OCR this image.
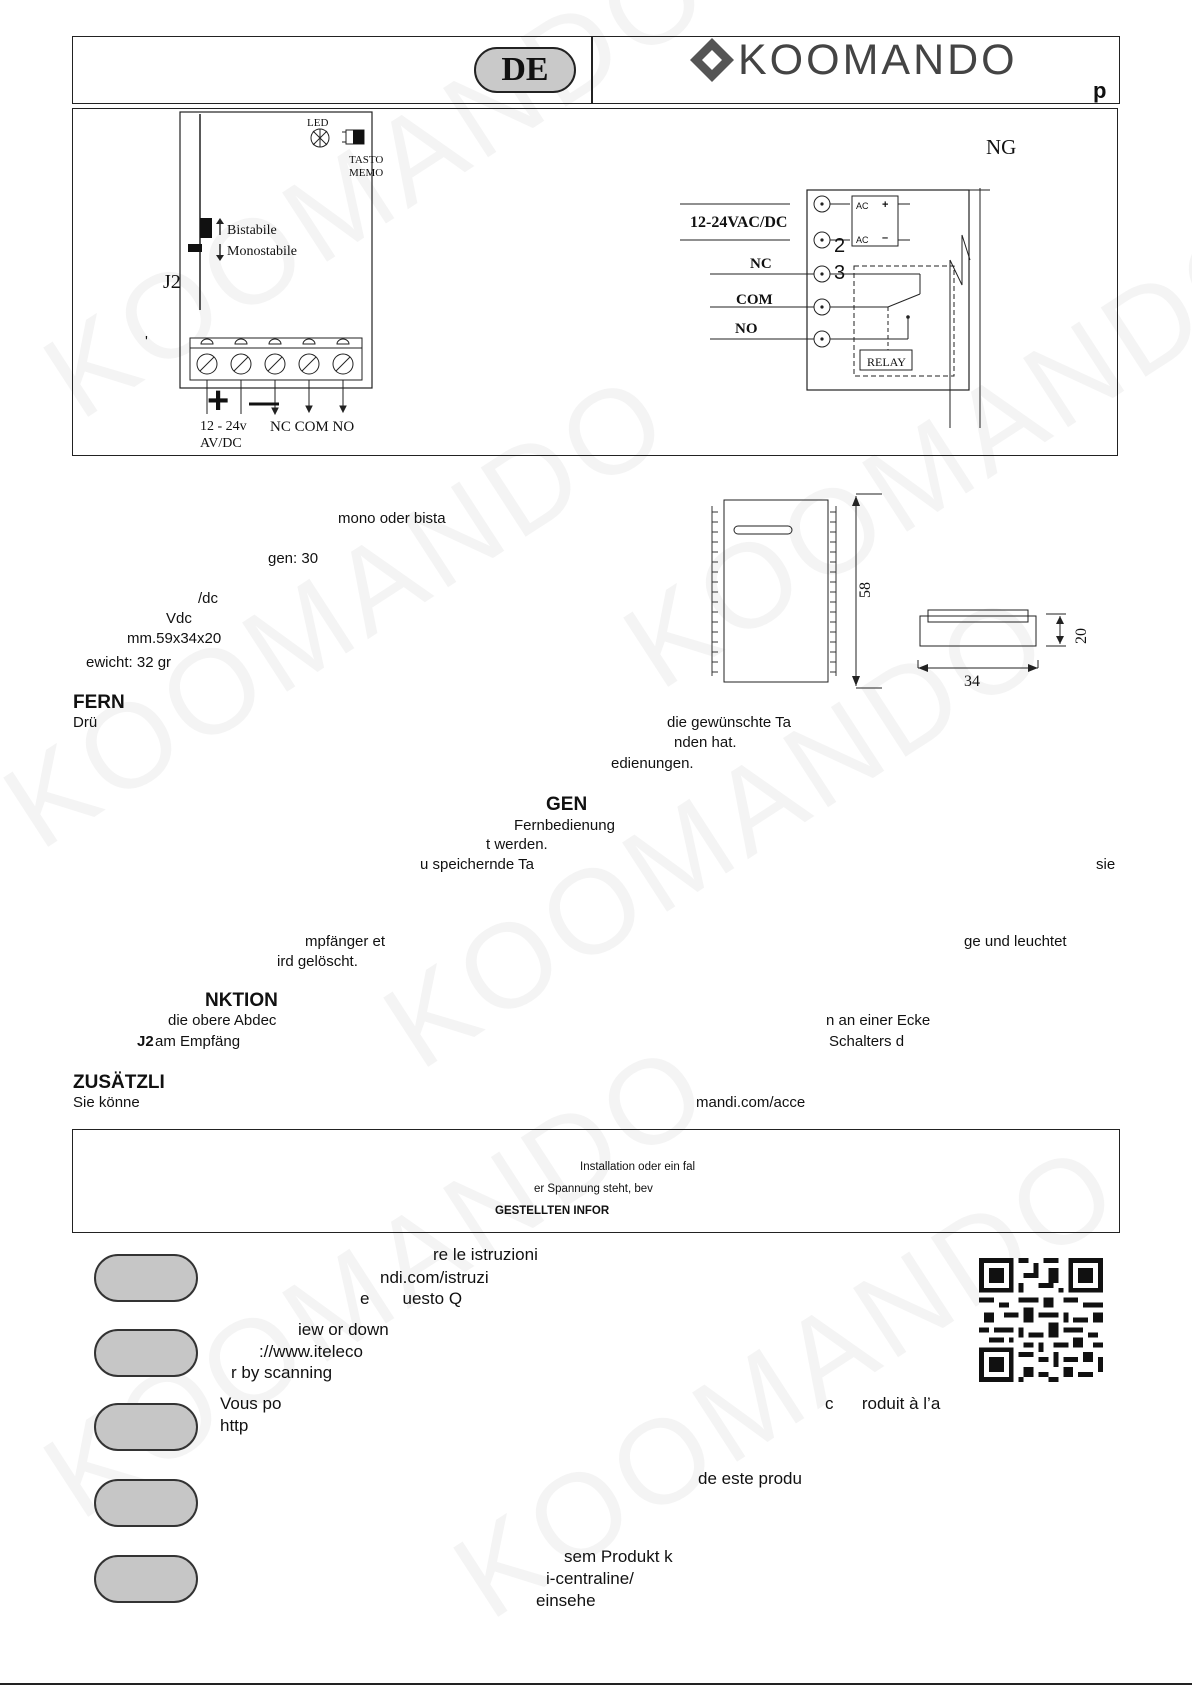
DE	KOOMANDO
p
LED
TASTO
MEMO
Bistabile
Monostabile
J2
'
+ —
12 - 24v
AV/DC
NC COM NO
NG
12-24VAC/DC
2
3
NC
COM
NO
RELAY
AC
AC
+
–
58
34
20
mono oder bista
gen: 30
/dc
Vdc
mm.59x34x20
ewicht: 32 gr
FERN
Drü	die gewünschte Ta
nden hat.
edienungen.
GEN
Fernbedienung
t werden.
u speichernde Ta	sie
mpfänger et	ge und leuchtet
ird gelöscht.
NKTION
die obere Abdec	n an einer Ecke
J2 am Empfäng	Schalters d
ZUSÄTZLI
Sie könne	mandi.com/acce
Installation oder ein fal
er Spannung steht, bev
GESTELLTEN INFOR
re le istruzioni
ndi.com/istruzi
e       uesto Q
iew or down
://www.iteleco
r by scanning
Vous po
http
c      roduit à l’a
de este produ
sem Produkt k
i-centraline/
einsehe
